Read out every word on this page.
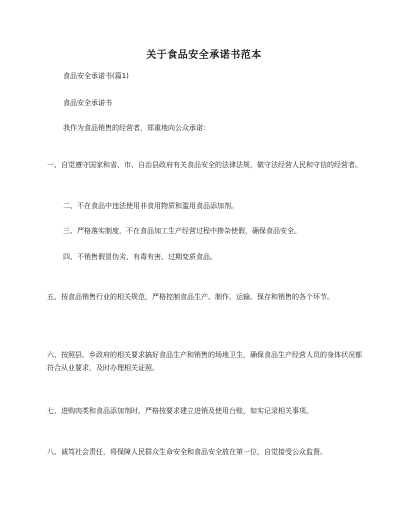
关于食品安全承诺书范本
食品安全承诺书(篇1)
食品安全承诺书
我作为食品销售的经营者，郑重地向公众承诺：
一、自觉遵守国家和省、市、自治县政府有关食品安全的法律法规，做守法经营人民和守信的经营者。
二、不在食品中违法使用非食用物质和滥用食品添加剂。
三、严格落实制度，不在食品加工生产经营过程中掺杂使假，确保食品安全。
四、不销售假冒伪劣、有毒有害、过期变质食品。
五、按食品销售行业的相关规范，严格控制食品生产、制作、运输、保存和销售的各个环节。
六、按照县、乡政府的相关要求搞好食品生产和销售的场地卫生，确保食品生产经营人员的身体状况都符合从业要求，及时办理相关证照。
七、进购肉类和食品添加剂时，严格按要求建立进销及使用台账，如实记录相关事项。
八、诚笃社会责任，将保障人民群众生命安全和食品安全放在第一位，自觉接受公众监督。
